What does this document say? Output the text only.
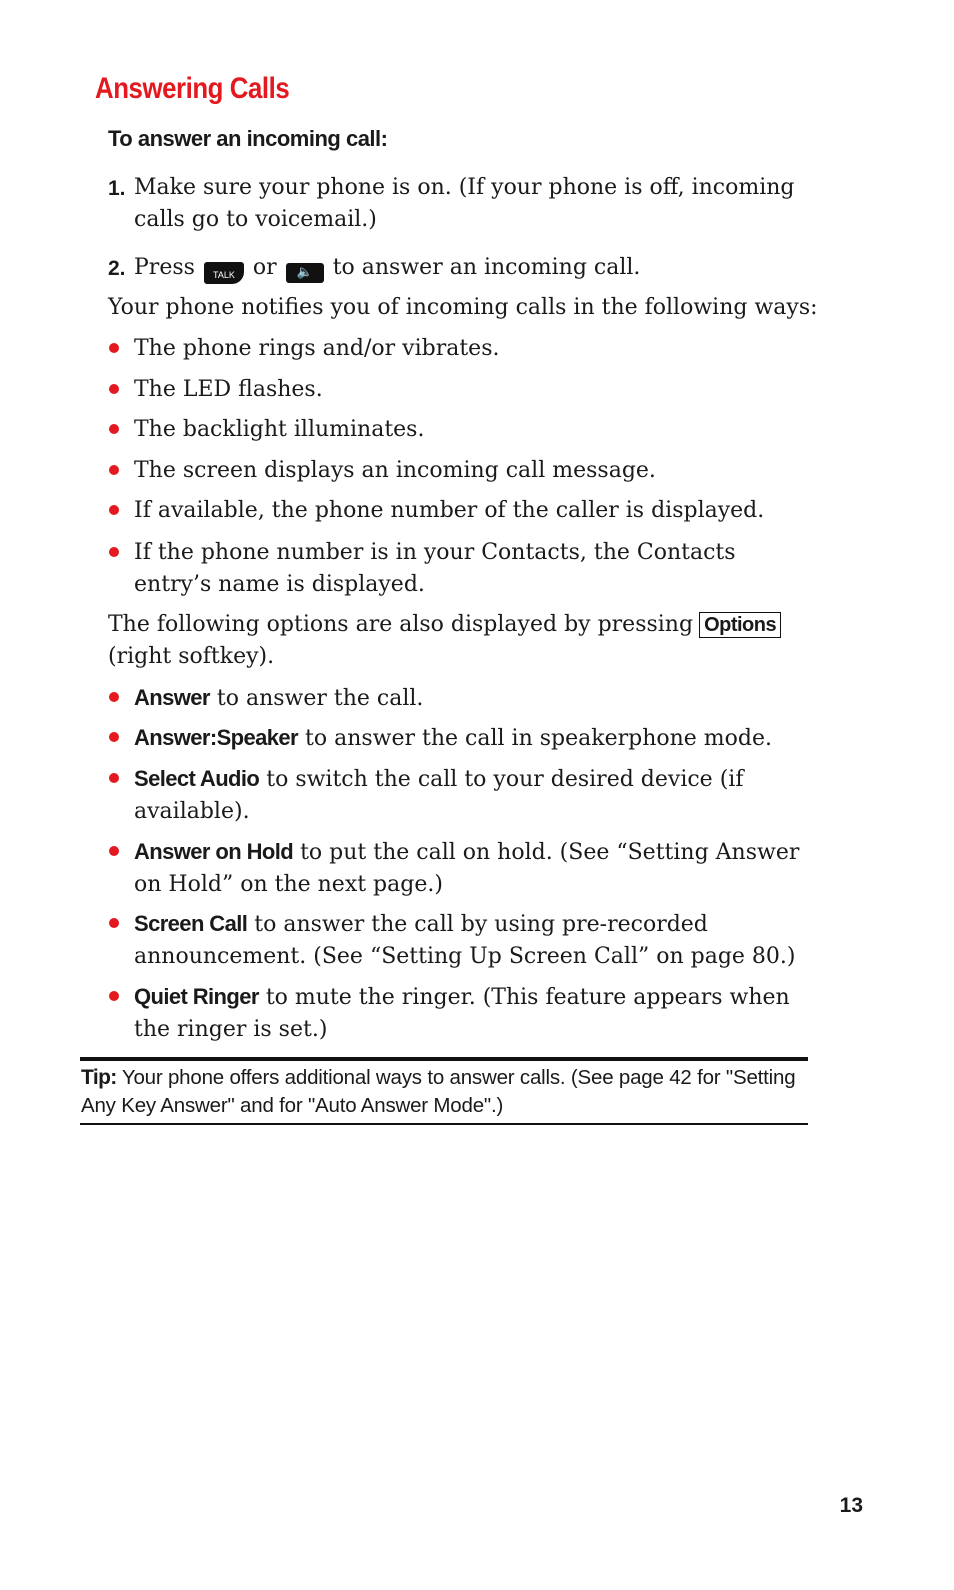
Answering Calls
To answer an incoming call:
1. Make sure your phone is on. (If your phone is off, incoming calls go to voicemail.)
2. Press TALK or 🔈 to answer an incoming call.
Your phone notifies you of incoming calls in the following ways:
The phone rings and/or vibrates.
The LED flashes.
The backlight illuminates.
The screen displays an incoming call message.
If available, the phone number of the caller is displayed.
If the phone number is in your Contacts, the Contacts entry’s name is displayed.
The following options are also displayed by pressing Options (right softkey).
Answer to answer the call.
Answer:Speaker to answer the call in speakerphone mode.
Select Audio to switch the call to your desired device (if available).
Answer on Hold to put the call on hold. (See “Setting Answer on Hold” on the next page.)
Screen Call to answer the call by using pre-recorded announcement. (See “Setting Up Screen Call” on page 80.)
Quiet Ringer to mute the ringer. (This feature appears when the ringer is set.)
Tip: Your phone offers additional ways to answer calls. (See page 42 for "Setting Any Key Answer" and for "Auto Answer Mode".)
13
